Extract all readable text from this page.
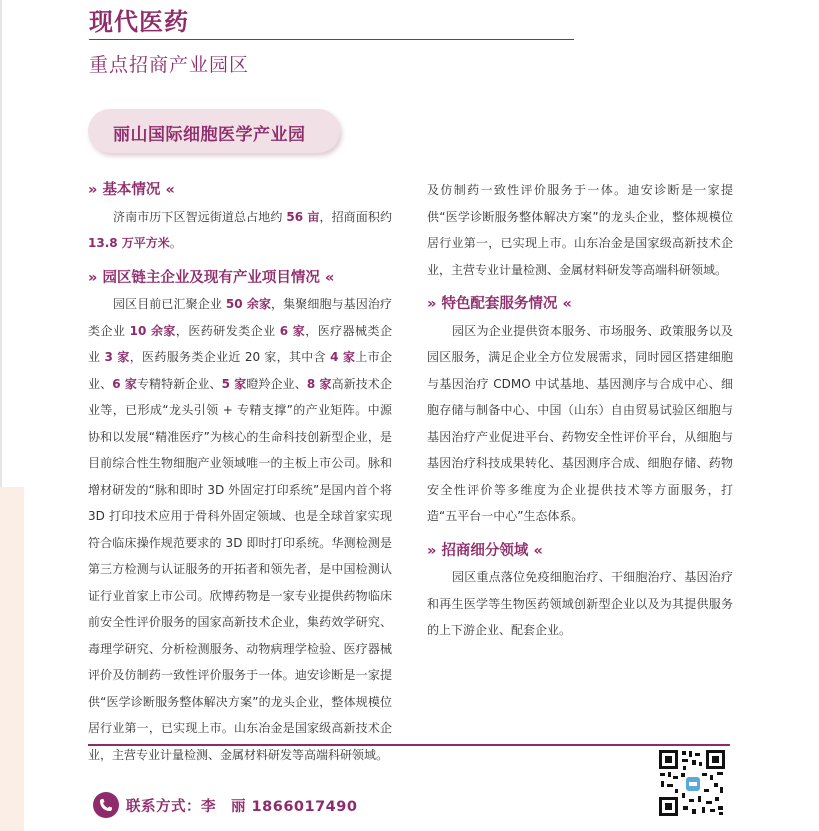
现代医药
重点招商产业园区
丽山国际细胞医学产业园

» 基本情况 «

济南市历下区智远街道总占地约 56 亩，招商面积约 13.8 万平方米。

» 园区链主企业及现有产业项目情况 «

园区目前已汇聚企业 50 余家，集聚细胞与基因治疗类企业 10 余家，医药研发类企业 6 家，医疗器械类企业 3 家，医药服务类企业近 20 家，其中含 4 家上市企业、6 家专精特新企业、5 家瞪羚企业、8 家高新技术企业等，已形成“龙头引领 + 专精支撑”的产业矩阵。中源协和以发展“精准医疗”为核心的生命科技创新型企业，是目前综合性生物细胞产业领域唯一的主板上市公司。脉和增材研发的“脉和即时 3D 外固定打印系统”是国内首个将 3D 打印技术应用于骨科外固定领域、也是全球首家实现符合临床操作规范要求的 3D 即时打印系统。华测检测是第三方检测与认证服务的开拓者和领先者，是中国检测认证行业首家上市公司。欣博药物是一家专业提供药物临床前安全性评价服务的国家高新技术企业，集药效学研究、毒理学研究、分析检测服务、动物病理学检验、医疗器械评价及仿制药一致性评价服务于一体。迪安诊断是一家提供“医学诊断服务整体解决方案”的龙头企业，整体规模位居行业第一，已实现上市。山东冶金是国家级高新技术企业，主营专业计量检测、金属材料研发等高端科研领域。

及仿制药一致性评价服务于一体。迪安诊断是一家提供“医学诊断服务整体解决方案”的龙头企业，整体规模位居行业第一，已实现上市。山东冶金是国家级高新技术企业，主营专业计量检测、金属材料研发等高端科研领域。

» 特色配套服务情况 «

园区为企业提供资本服务、市场服务、政策服务以及园区服务，满足企业全方位发展需求，同时园区搭建细胞与基因治疗 CDMO 中试基地、基因测序与合成中心、细胞存储与制备中心、中国（山东）自由贸易试验区细胞与基因治疗产业促进平台、药物安全性评价平台，从细胞与基因治疗科技成果转化、基因测序合成、细胞存储、药物安全性评价等多维度为企业提供技术等方面服务，打造“五平台一中心”生态体系。

» 招商细分领域 «

园区重点落位免疫细胞治疗、干细胞治疗、基因治疗和再生医学等生物医药领域创新型企业以及为其提供服务的上下游企业、配套企业。

联系方式：李　丽 1866017490
